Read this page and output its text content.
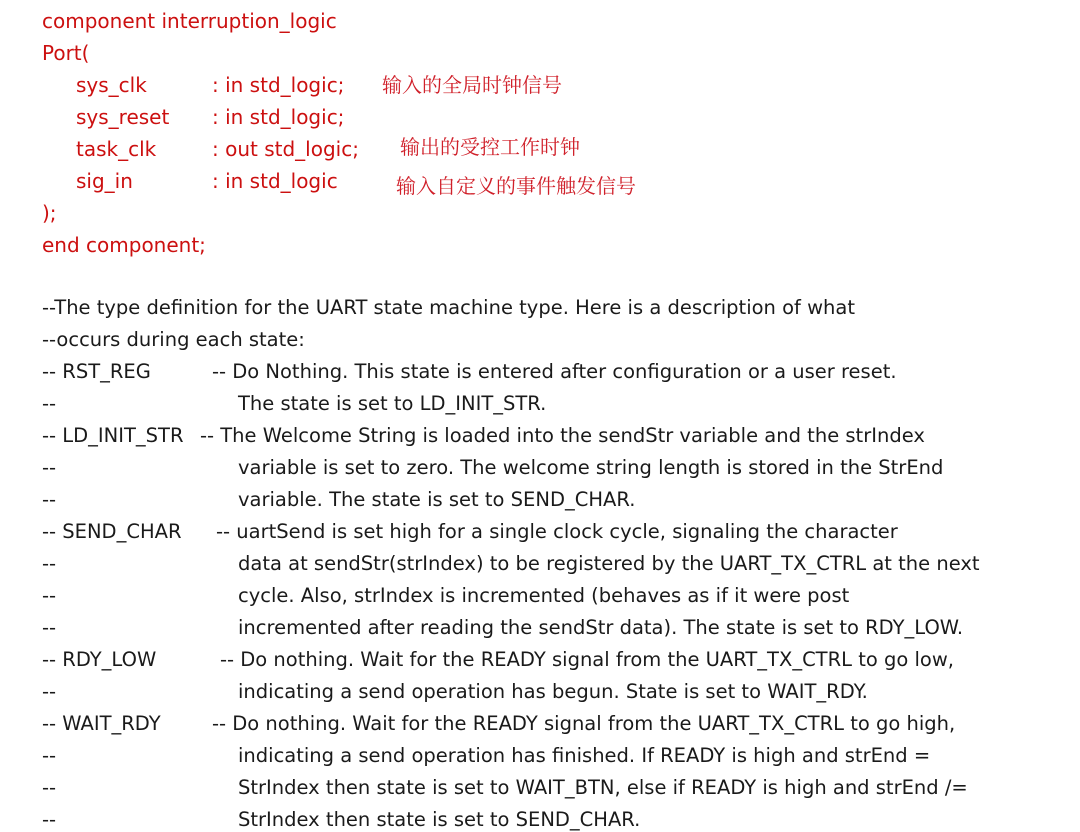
component interruption_logic
Port(
sys_clk	: in std_logic; 输入的全局时钟信号
sys_reset : in std_logic;
task_clk	: out std_logic; 输出的受控工作时钟
sig_in	: in std_logic	输入自定义的事件触发信号
);
end component;
--The type definition for the UART state machine type. Here is a description of what
--occurs during each state:
-- RST_REG	-- Do Nothing. This state is entered after configuration or a user reset.
--	The state is set to LD_INIT_STR.
-- LD_INIT_STR -- The Welcome String is loaded into the sendStr variable and the strIndex
--	variable is set to zero. The welcome string length is stored in the StrEnd
--	variable. The state is set to SEND_CHAR.
-- SEND_CHAR -- uartSend is set high for a single clock cycle, signaling the character
--	data at sendStr(strIndex) to be registered by the UART_TX_CTRL at the next
--	cycle. Also, strIndex is incremented (behaves as if it were post
--	incremented after reading the sendStr data). The state is set to RDY_LOW.
-- RDY_LOW	-- Do nothing. Wait for the READY signal from the UART_TX_CTRL to go low,
--	indicating a send operation has begun. State is set to WAIT_RDY.
-- WAIT_RDY	-- Do nothing. Wait for the READY signal from the UART_TX_CTRL to go high,
--	indicating a send operation has finished. If READY is high and strEnd =
--	StrIndex then state is set to WAIT_BTN, else if READY is high and strEnd /=
--	StrIndex then state is set to SEND_CHAR.
